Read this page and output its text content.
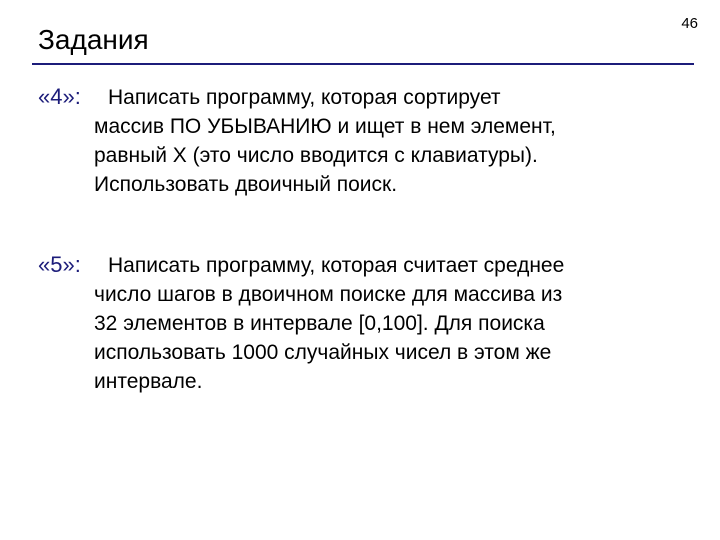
Задания
46
«4»: Написать программу, которая сортирует
массив ПО УБЫВАНИЮ и ищет в нем элемент,
равный X (это число вводится с клавиатуры).
Использовать двоичный поиск.
«5»: Написать программу, которая считает среднее
число шагов в двоичном поиске для массива из
32 элементов в интервале [0,100]. Для поиска
использовать 1000 случайных чисел в этом же
интервале.
